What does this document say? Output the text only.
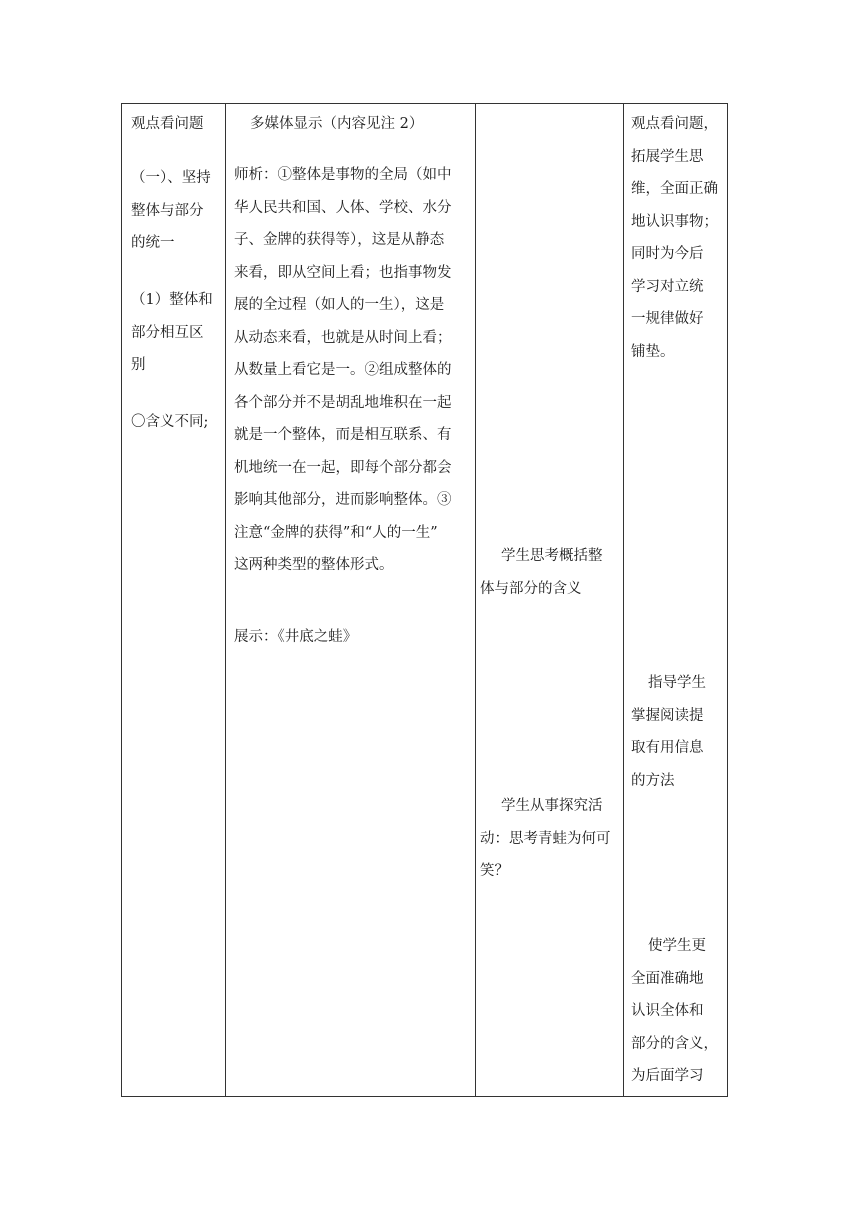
观点看问题

（一）、坚持
整体与部分
的统一

（1）整体和
部分相互区
别

〇含义不同;

多媒体显示（内容见注 2）

师析：①整体是事物的全局（如中
华人民共和国、人体、学校、水分
子、金牌的获得等），这是从静态
来看，即从空间上看；也指事物发
展的全过程（如人的一生），这是
从动态来看，也就是从时间上看；
从数量上看它是一。②组成整体的
各个部分并不是胡乱地堆积在一起
就是一个整体，而是相互联系、有
机地统一在一起，即每个部分都会
影响其他部分，进而影响整体。③
注意“金牌的获得”和“人的一生”
这两种类型的整体形式。

展示：《井底之蛙》

学生思考概括整
体与部分的含义

学生从事探究活
动：思考青蛙为何可
笑？

观点看问题，
拓展学生思
维，全面正确
地认识事物；
同时为今后
学习对立统
一规律做好
铺垫。

指导学生
掌握阅读提
取有用信息
的方法

使学生更
全面准确地
认识全体和
部分的含义，
为后面学习
